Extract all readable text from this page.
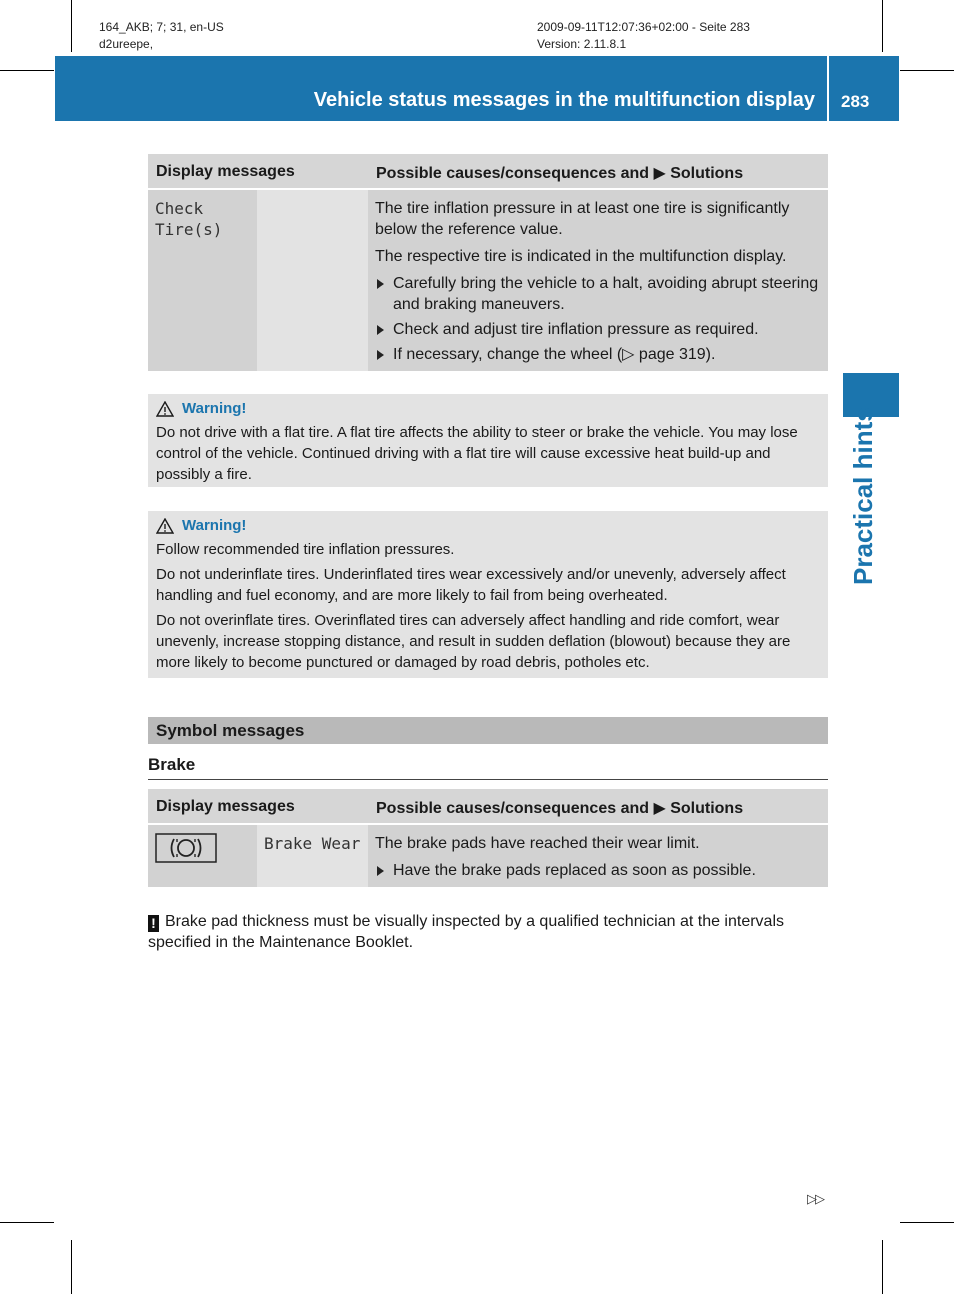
164_AKB; 7; 31, en-US
d2ureepe,
2009-09-11T12:07:36+02:00 - Seite 283
Version: 2.11.8.1
Vehicle status messages in the multifunction display 283
Practical hints
Display messages	Possible causes/consequences and ▶ Solutions
Check Tire(s)

The tire inflation pressure in at least one tire is significantly below the reference value.

The respective tire is indicated in the multifunction display.

Carefully bring the vehicle to a halt, avoiding abrupt steering and braking maneuvers.
Check and adjust tire inflation pressure as required.
If necessary, change the wheel (▷ page 319).
Warning!

Do not drive with a flat tire. A flat tire affects the ability to steer or brake the vehicle. You may lose control of the vehicle. Continued driving with a flat tire will cause excessive heat build-up and possibly a fire.

Warning!

Follow recommended tire inflation pressures.

Do not underinflate tires. Underinflated tires wear excessively and/or unevenly, adversely affect handling and fuel economy, and are more likely to fail from being overheated.

Do not overinflate tires. Overinflated tires can adversely affect handling and ride comfort, wear unevenly, increase stopping distance, and result in sudden deflation (blowout) because they are more likely to become punctured or damaged by road debris, potholes etc.

Symbol messages
Brake
Display messages	Possible causes/consequences and ▶ Solutions
Brake Wear The brake pads have reached their wear limit.

Have the brake pads replaced as soon as possible.
! Brake pad thickness must be visually inspected by a qualified technician at the intervals specified in the Maintenance Booklet.
▷▷
